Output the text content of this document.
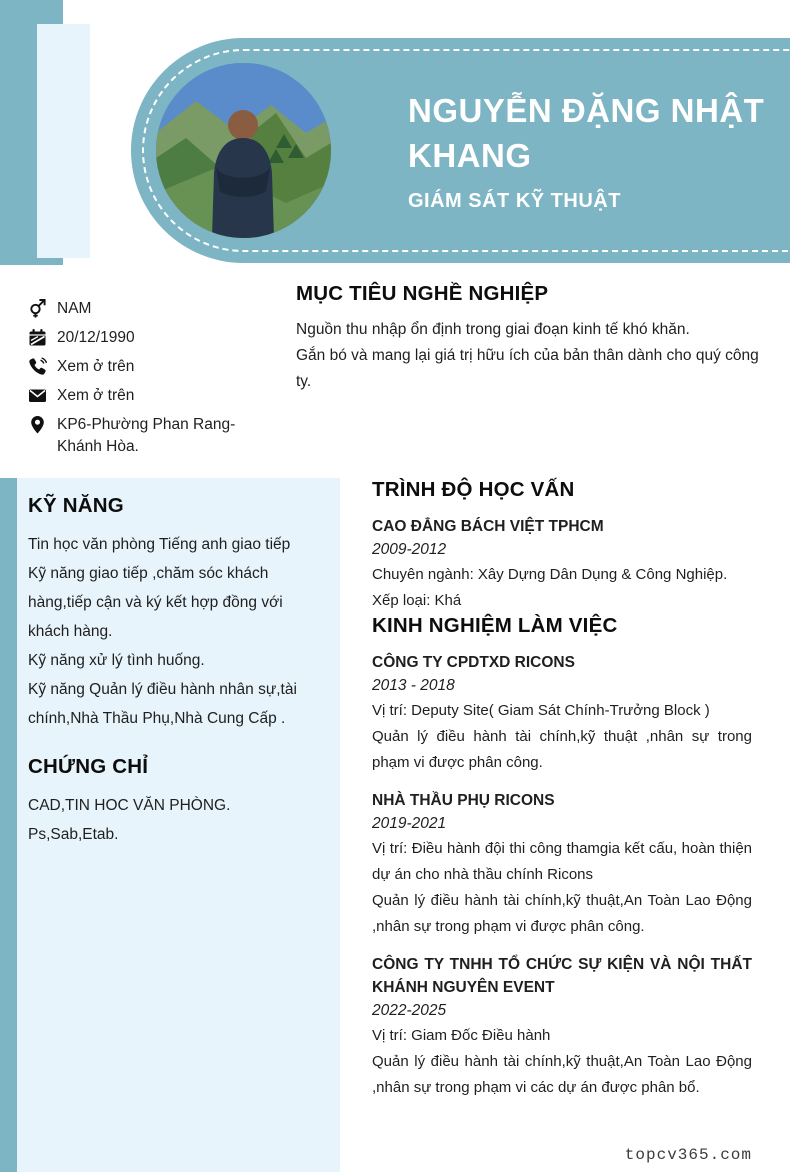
NGUYỄN ĐẶNG NHẬT
KHANG
GIÁM SÁT KỸ THUẬT
NAM
20/12/1990
Xem ở trên
Xem ở trên
KP6-Phường Phan Rang-Khánh Hòa.
MỤC TIÊU NGHỀ NGHIỆP

Nguồn thu nhập ổn định trong giai đoạn kinh tế khó khăn.

Gắn bó và mang lại giá trị hữu ích của bản thân dành cho quý công ty.

KỸ NĂNG
Tin học văn phòng Tiếng anh giao tiếp
Kỹ năng giao tiếp ,chăm sóc khách hàng,tiếp cận và ký kết hợp đồng với khách hàng.
Kỹ năng xử lý tình huống.
Kỹ năng Quản lý điều hành nhân sự,tài chính,Nhà Thầu Phụ,Nhà Cung Cấp .
CHỨNG CHỈ
CAD,TIN HOC VĂN PHÒNG.
Ps,Sab,Etab.
TRÌNH ĐỘ HỌC VẤN

CAO ĐẲNG BÁCH VIỆT TPHCM

2009-2012
Chuyên ngành: Xây Dựng Dân Dụng & Công Nghiệp.
Xếp loại: Khá
KINH NGHIỆM LÀM VIỆC

CÔNG TY CPDTXD RICONS

2013 - 2018
Vị trí: Deputy Site( Giam Sát Chính-Trưởng Block )
Quản lý điều hành tài chính,kỹ thuật ,nhân sự trong phạm vi được phân công.

NHÀ THẦU PHỤ RICONS

2019-2021
Vị trí: Điều hành đội thi công thamgia kết cấu, hoàn thiện dự án cho nhà thầu chính Ricons
Quản lý điều hành tài chính,kỹ thuật,An Toàn Lao Động ,nhân sự trong phạm vi được phân công.

CÔNG TY TNHH TỔ CHỨC SỰ KIỆN VÀ NỘI THẤT KHÁNH NGUYÊN EVENT

2022-2025
Vị trí: Giam Đốc Điều hành
Quản lý điều hành tài chính,kỹ thuật,An Toàn Lao Động ,nhân sự trong phạm vi các dự án được phân bổ.
topcv365.com
